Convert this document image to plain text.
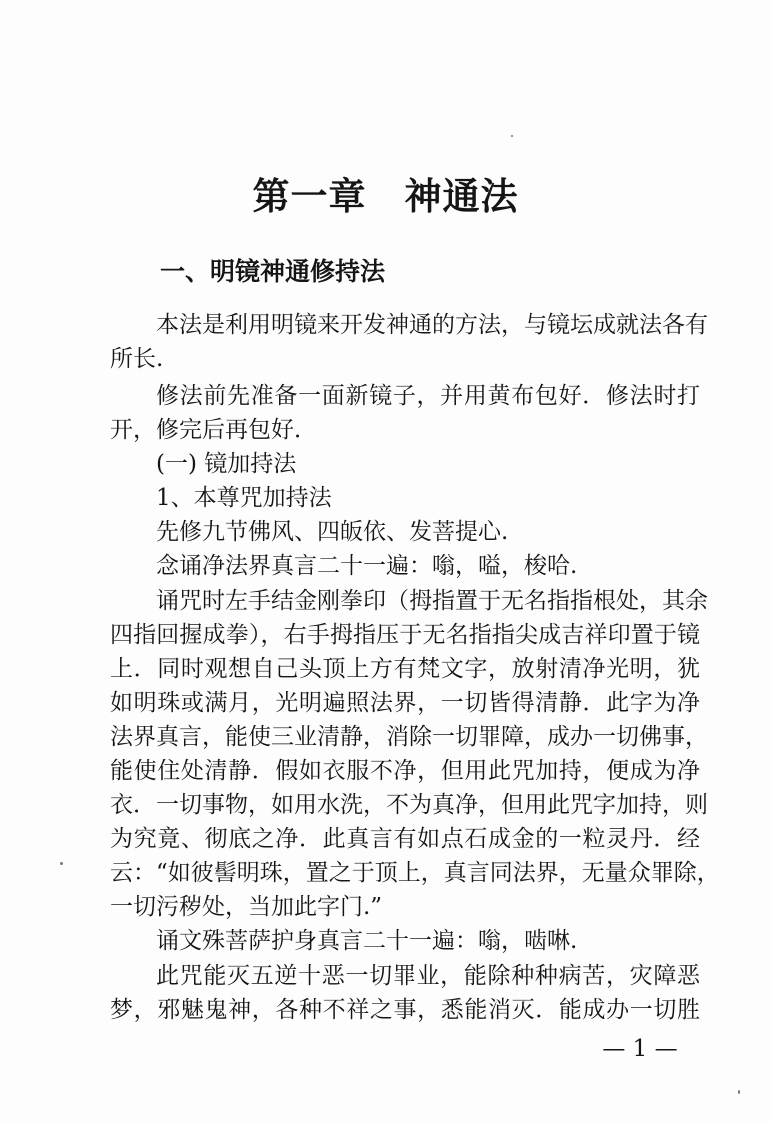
第一章　神通法
一、明镜神通修持法
本法是利用明镜来开发神通的方法，与镜坛成就法各有
所长.
修法前先准备一面新镜子，并用黄布包好．修法时打
开，修完后再包好．
(一) 镜加持法
1、本尊咒加持法
先修九节佛风、四皈依、发菩提心.
念诵净法界真言二十一遍：嗡，嗌，梭哈.
诵咒时左手结金刚拳印（拇指置于无名指指根处，其余
四指回握成拳），右手拇指压于无名指指尖成吉祥印置于镜
上．同时观想自己头顶上方有梵文字，放射清净光明，犹
如明珠或满月，光明遍照法界，一切皆得清静．此字为净
法界真言，能使三业清静，消除一切罪障，成办一切佛事，
能使住处清静．假如衣服不净，但用此咒加持，便成为净
衣．一切事物，如用水洗，不为真净，但用此咒字加持，则
为究竟、彻底之净．此真言有如点石成金的一粒灵丹．经
云：“如彼髻明珠，置之于顶上，真言同法界，无量众罪除，
一切污秽处，当加此字门.”
诵文殊菩萨护身真言二十一遍：嗡，啮啉.
此咒能灭五逆十恶一切罪业，能除种种病苦，灾障恶
梦，邪魅鬼神，各种不祥之事，悉能消灭．能成办一切胜
— 1 —
